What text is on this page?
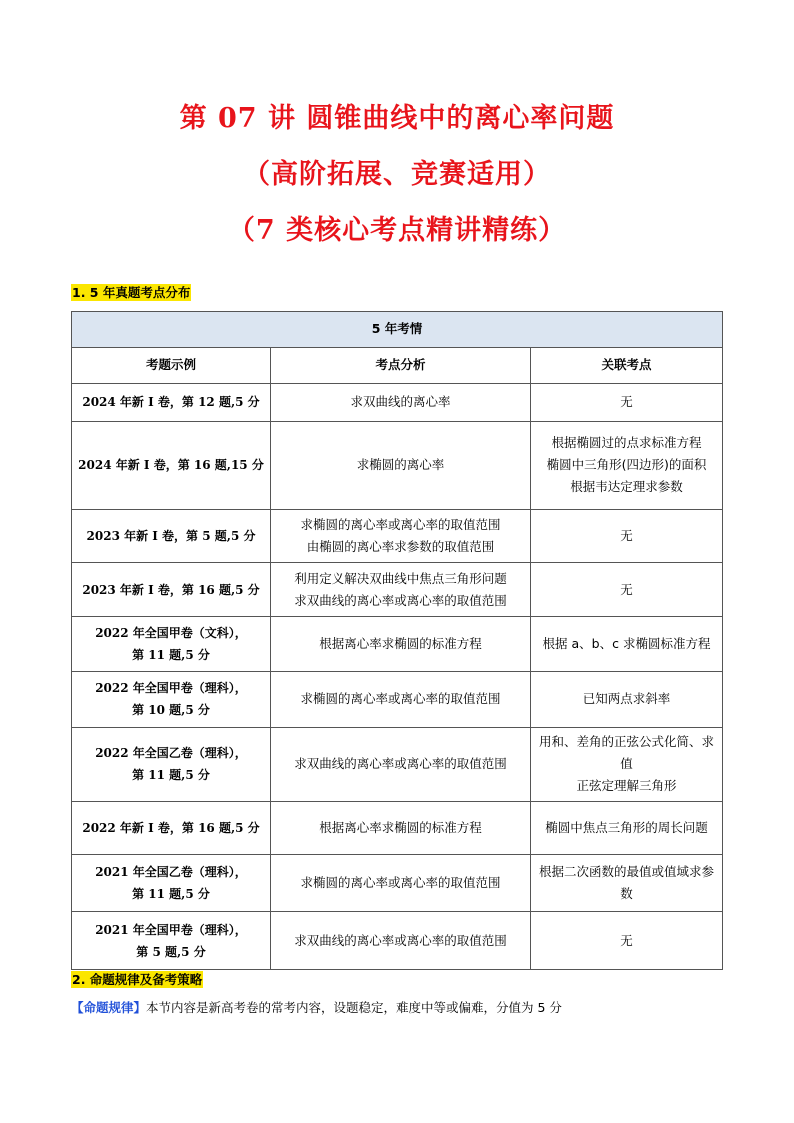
第 07 讲 圆锥曲线中的离心率问题
（高阶拓展、竞赛适用）
（7 类核心考点精讲精练）
1. 5 年真题考点分布
5 年考情		
考题示例	考点分析	关联考点

2024 年新 I 卷，第 12 题,5 分	求双曲线的离心率	无

2024 年新 I 卷，第 16 题,15 分	求椭圆的离心率	根据椭圆过的点求标准方程
椭圆中三角形(四边形)的面积
根据韦达定理求参数

2023 年新 I 卷，第 5 题,5 分	求椭圆的离心率或离心率的取值范围
由椭圆的离心率求参数的取值范围	无

2023 年新 I 卷，第 16 题,5 分	利用定义解决双曲线中焦点三角形问题
求双曲线的离心率或离心率的取值范围	无

2022 年全国甲卷（文科），
第 11 题,5 分	根据离心率求椭圆的标准方程	根据 a、b、c 求椭圆标准方程

2022 年全国甲卷（理科），
第 10 题,5 分	求椭圆的离心率或离心率的取值范围	已知两点求斜率

2022 年全国乙卷（理科），
第 11 题,5 分	求双曲线的离心率或离心率的取值范围	用和、差角的正弦公式化简、求值
正弦定理解三角形

2022 年新 I 卷，第 16 题,5 分	根据离心率求椭圆的标准方程	椭圆中焦点三角形的周长问题

2021 年全国乙卷（理科），
第 11 题,5 分	求椭圆的离心率或离心率的取值范围	根据二次函数的最值或值域求参数

2021 年全国甲卷（理科），
第 5 题,5 分	求双曲线的离心率或离心率的取值范围	无
2. 命题规律及备考策略
【命题规律】本节内容是新高考卷的常考内容，设题稳定，难度中等或偏难，分值为 5 分
